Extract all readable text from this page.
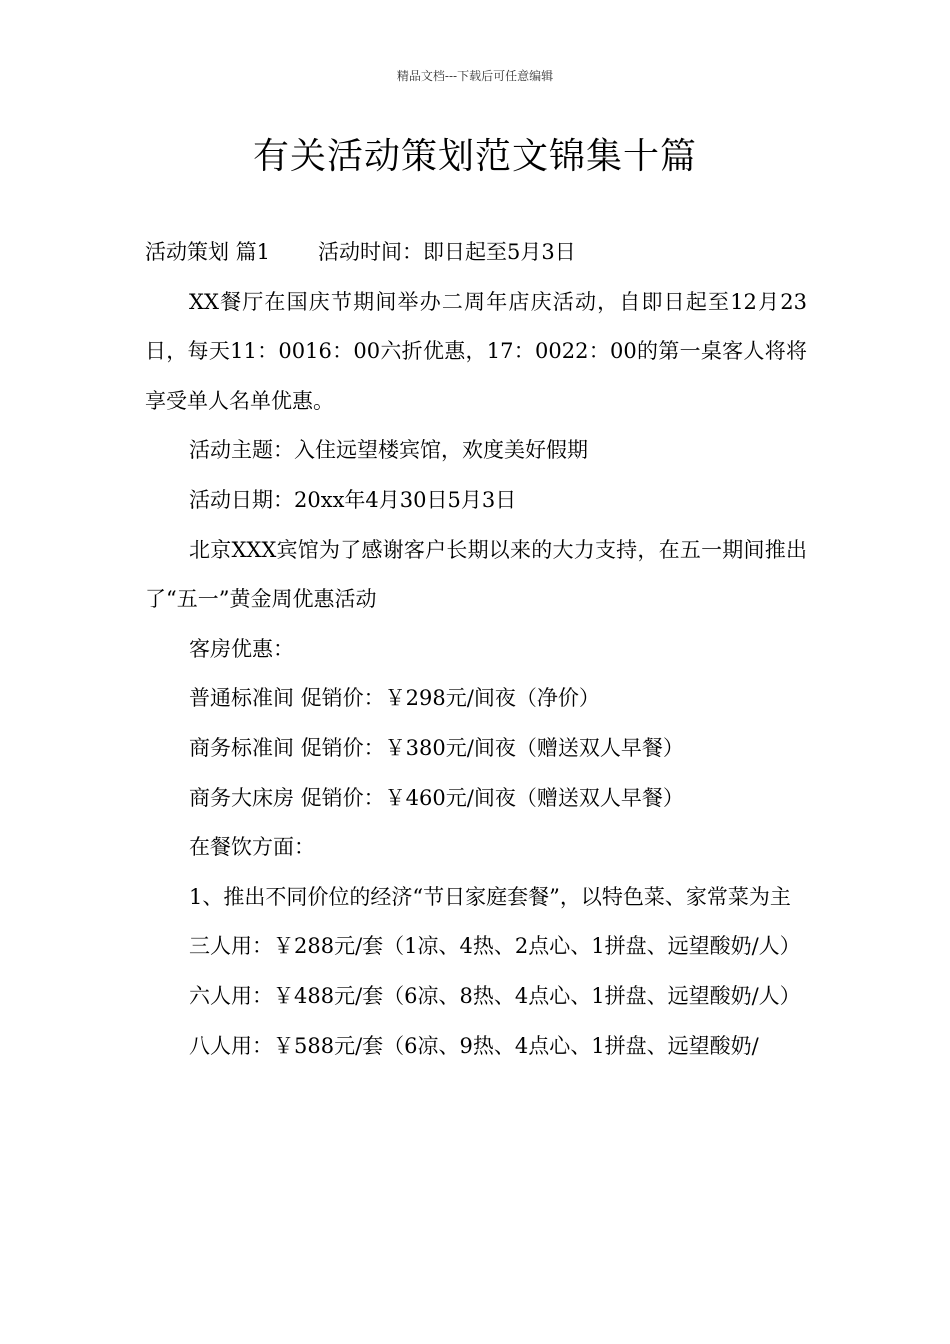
精品文档---下载后可任意编辑
有关活动策划范文锦集十篇

活动策划 篇1 活动时间：即日起至5月3日

XX餐厅在国庆节期间举办二周年店庆活动，自即日起至12月23日，每天11：0016：00六折优惠，17：0022：00的第一桌客人将将享受单人名单优惠。

活动主题：入住远望楼宾馆，欢度美好假期

活动日期：20xx年4月30日5月3日

北京XXX宾馆为了感谢客户长期以来的大力支持，在五一期间推出了“五一”黄金周优惠活动

客房优惠：

普通标准间 促销价：￥298元/间夜（净价）

商务标准间 促销价：￥380元/间夜（赠送双人早餐）

商务大床房 促销价：￥460元/间夜（赠送双人早餐）

在餐饮方面：

1、推出不同价位的经济“节日家庭套餐”，以特色菜、家常菜为主

三人用：￥288元/套（1凉、4热、2点心、1拼盘、远望酸奶/人）

六人用：￥488元/套（6凉、8热、4点心、1拼盘、远望酸奶/人）

八人用：￥588元/套（6凉、9热、4点心、1拼盘、远望酸奶/
